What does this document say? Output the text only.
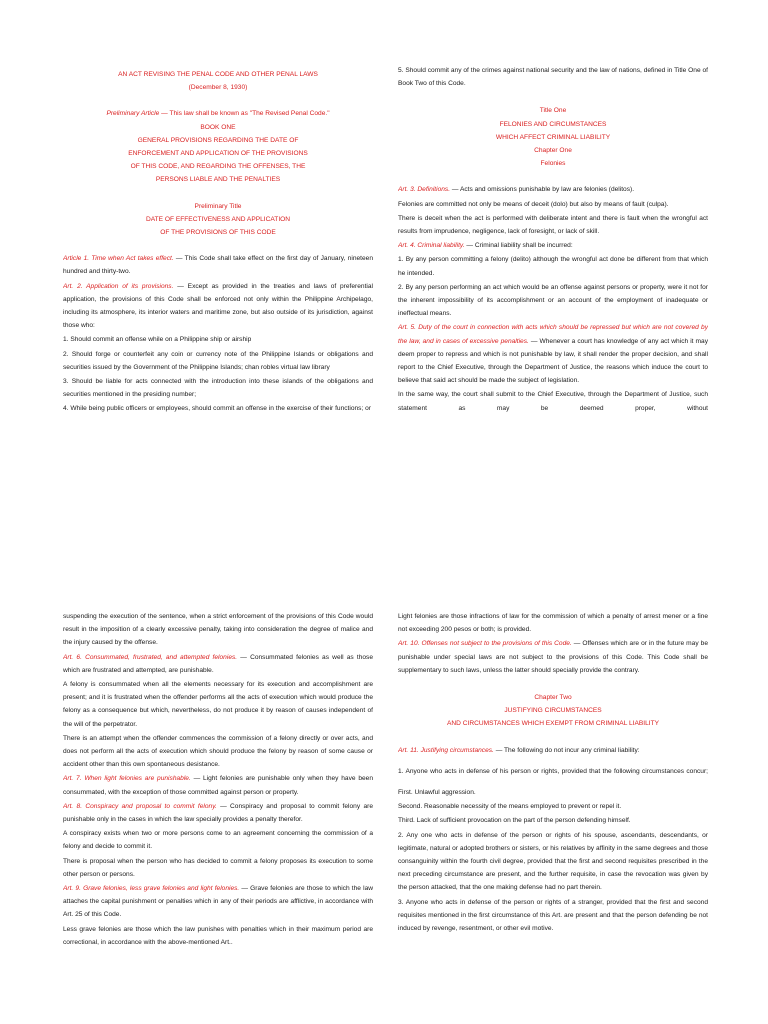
AN ACT REVISING THE PENAL CODE AND OTHER PENAL LAWS

(December 8, 1930)

Preliminary Article — This law shall be known as "The Revised Penal Code."

BOOK ONE

GENERAL PROVISIONS REGARDING THE DATE OF

ENFORCEMENT AND APPLICATION OF THE PROVISIONS

OF THIS CODE, AND REGARDING THE OFFENSES, THE

PERSONS LIABLE AND THE PENALTIES

Preliminary Title

DATE OF EFFECTIVENESS AND APPLICATION

OF THE PROVISIONS OF THIS CODE

Article 1. Time when Act takes effect. — This Code shall take effect on the first day of January, nineteen hundred and thirty-two.

Art. 2. Application of its provisions. — Except as provided in the treaties and laws of preferential application, the provisions of this Code shall be enforced not only within the Philippine Archipelago, including its atmosphere, its interior waters and maritime zone, but also outside of its jurisdiction, against those who:

1. Should commit an offense while on a Philippine ship or airship

2. Should forge or counterfeit any coin or currency note of the Philippine Islands or obligations and securities issued by the Government of the Philippine Islands; chan robles virtual law library

3. Should be liable for acts connected with the introduction into these islands of the obligations and securities mentioned in the presiding number;

4. While being public officers or employees, should commit an offense in the exercise of their functions; or

5. Should commit any of the crimes against national security and the law of nations, defined in Title One of Book Two of this Code.

Title One

FELONIES AND CIRCUMSTANCES

WHICH AFFECT CRIMINAL LIABILITY

Chapter One

Felonies

Art. 3. Definitions. — Acts and omissions punishable by law are felonies (delitos).

Felonies are committed not only be means of deceit (dolo) but also by means of fault (culpa).

There is deceit when the act is performed with deliberate intent and there is fault when the wrongful act results from imprudence, negligence, lack of foresight, or lack of skill.

Art. 4. Criminal liability. — Criminal liability shall be incurred:

1. By any person committing a felony (delito) although the wrongful act done be different from that which he intended.

2. By any person performing an act which would be an offense against persons or property, were it not for the inherent impossibility of its accomplishment or an account of the employment of inadequate or ineffectual means.

Art. 5. Duty of the court in connection with acts which should be repressed but which are not covered by the law, and in cases of excessive penalties. — Whenever a court has knowledge of any act which it may deem proper to repress and which is not punishable by law, it shall render the proper decision, and shall report to the Chief Executive, through the Department of Justice, the reasons which induce the court to believe that said act should be made the subject of legislation.

In the same way, the court shall submit to the Chief Executive, through the Department of Justice, such statement as may be deemed proper, without

suspending the execution of the sentence, when a strict enforcement of the provisions of this Code would result in the imposition of a clearly excessive penalty, taking into consideration the degree of malice and the injury caused by the offense.

Art. 6. Consummated, frustrated, and attempted felonies. — Consummated felonies as well as those which are frustrated and attempted, are punishable.

A felony is consummated when all the elements necessary for its execution and accomplishment are present; and it is frustrated when the offender performs all the acts of execution which would produce the felony as a consequence but which, nevertheless, do not produce it by reason of causes independent of the will of the perpetrator.

There is an attempt when the offender commences the commission of a felony directly or over acts, and does not perform all the acts of execution which should produce the felony by reason of some cause or accident other than this own spontaneous desistance.

Art. 7. When light felonies are punishable. — Light felonies are punishable only when they have been consummated, with the exception of those committed against person or property.

Art. 8. Conspiracy and proposal to commit felony. — Conspiracy and proposal to commit felony are punishable only in the cases in which the law specially provides a penalty therefor.

A conspiracy exists when two or more persons come to an agreement concerning the commission of a felony and decide to commit it.

There is proposal when the person who has decided to commit a felony proposes its execution to some other person or persons.

Art. 9. Grave felonies, less grave felonies and light felonies. — Grave felonies are those to which the law attaches the capital punishment or penalties which in any of their periods are afflictive, in accordance with Art. 25 of this Code.

Less grave felonies are those which the law punishes with penalties which in their maximum period are correctional, in accordance with the above-mentioned Art..

Light felonies are those infractions of law for the commission of which a penalty of arrest mener or a fine not exceeding 200 pesos or both; is provided.

Art. 10. Offenses not subject to the provisions of this Code. — Offenses which are or in the future may be punishable under special laws are not subject to the provisions of this Code. This Code shall be supplementary to such laws, unless the latter should specially provide the contrary.

Chapter Two

JUSTIFYING CIRCUMSTANCES

AND CIRCUMSTANCES WHICH EXEMPT FROM CRIMINAL LIABILITY

Art. 11. Justifying circumstances. — The following do not incur any criminal liability:

1. Anyone who acts in defense of his person or rights, provided that the following circumstances concur;

First. Unlawful aggression.

Second. Reasonable necessity of the means employed to prevent or repel it.

Third. Lack of sufficient provocation on the part of the person defending himself.

2. Any one who acts in defense of the person or rights of his spouse, ascendants, descendants, or legitimate, natural or adopted brothers or sisters, or his relatives by affinity in the same degrees and those consanguinity within the fourth civil degree, provided that the first and second requisites prescribed in the next preceding circumstance are present, and the further requisite, in case the revocation was given by the person attacked, that the one making defense had no part therein.

3. Anyone who acts in defense of the person or rights of a stranger, provided that the first and second requisites mentioned in the first circumstance of this Art. are present and that the person defending be not induced by revenge, resentment, or other evil motive.
